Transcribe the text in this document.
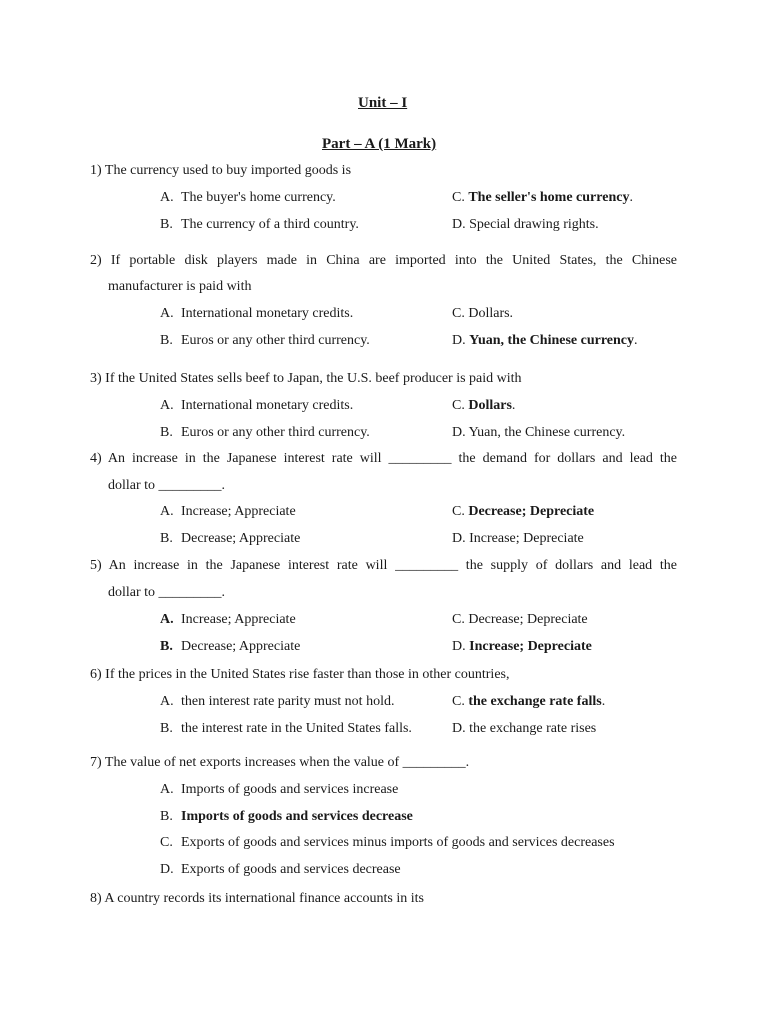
Unit – I
Part – A (1 Mark)
1) The currency used to buy imported goods is
A. The buyer's home currency.	C. The seller's home currency.
B. The currency of a third country.	D. Special drawing rights.
2) If portable disk players made in China are imported into the United States, the Chinese
manufacturer is paid with
A. International monetary credits.	C. Dollars.
B. Euros or any other third currency.	D. Yuan, the Chinese currency.
3) If the United States sells beef to Japan, the U.S. beef producer is paid with
A. International monetary credits.	C. Dollars.
B. Euros or any other third currency.	D. Yuan, the Chinese currency.
4) An increase in the Japanese interest rate will _________ the demand for dollars and lead the
dollar to _________.
A. Increase; Appreciate	C. Decrease; Depreciate
B. Decrease; Appreciate	D. Increase; Depreciate
5) An increase in the Japanese interest rate will _________ the supply of dollars and lead the
dollar to _________.
A. Increase; Appreciate	C. Decrease; Depreciate
B. Decrease; Appreciate	D. Increase; Depreciate
6) If the prices in the United States rise faster than those in other countries,
A. then interest rate parity must not hold.	C. the exchange rate falls.
B. the interest rate in the United States falls.	D. the exchange rate rises
7) The value of net exports increases when the value of _________.
A. Imports of goods and services increase
B. Imports of goods and services decrease
C. Exports of goods and services minus imports of goods and services decreases
D. Exports of goods and services decrease
8) A country records its international finance accounts in its
